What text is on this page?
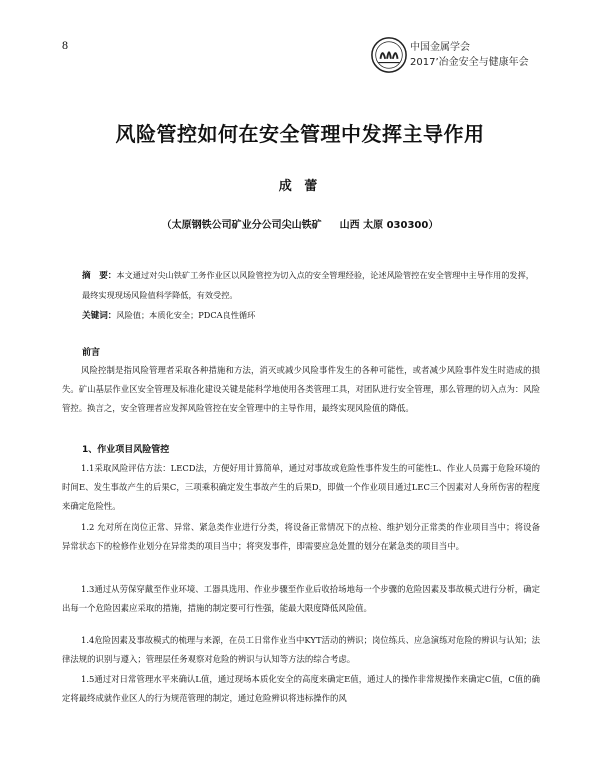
8	中国金属学会
2017’冶金安全与健康年会
风险管控如何在安全管理中发挥主导作用
成 蕾
（太原钢铁公司矿业分公司尖山铁矿 山西 太原 030300）
摘　要：本文通过对尖山铁矿工务作业区以风险管控为切入点的安全管理经验，论述风险管控在安全管理中主导作用的发挥，最终实现现场风险值科学降低，有效受控。
关键词：风险值；本质化安全；PDCA良性循环
前言
风险控制是指风险管理者采取各种措施和方法，消灭或减少风险事件发生的各种可能性，或者减少风险事件发生时造成的损失。矿山基层作业区安全管理及标准化建设关键是能科学地使用各类管理工具，对团队进行安全管理，那么管理的切入点为：风险管控。换言之，安全管理者应发挥风险管控在安全管理中的主导作用，最终实现风险值的降低。
1、作业项目风险管控
1.1采取风险评估方法：LECD法，方便好用计算简单，通过对事故或危险性事件发生的可能性L、作业人员露于危险环境的时间E、发生事故产生的后果C，三项乘积确定发生事故产生的后果D，即做一个作业项目通过LEC三个因素对人身所伤害的程度来确定危险性。
1.2 允对所在岗位正常、异常、紧急类作业进行分类，将设备正常情况下的点检、维护划分正常类的作业项目当中；将设备异常状态下的检修作业划分在异常类的项目当中；将突发事件，即需要应急处置的划分在紧急类的项目当中。
1.3通过从劳保穿戴至作业环境、工器具选用、作业步骤至作业后收拾场地每一个步骤的危险因素及事故模式进行分析，确定出每一个危险因素应采取的措施，措施的制定要可行性强，能最大限度降低风险值。
1.4危险因素及事故模式的梳理与来源，在员工日常作业当中KYT活动的辨识；岗位练兵、应急演练对危险的辨识与认知；法律法规的识别与遵入；管理层任务观察对危险的辨识与认知等方法的综合考虑。
1.5通过对日常管理水平来确认L值，通过现场本质化安全的高度来确定E值，通过人的操作非常规操作来确定C值，C值的确定将最终成就作业区人的行为规范管理的制定，通过危险辨识将违标操作的风
